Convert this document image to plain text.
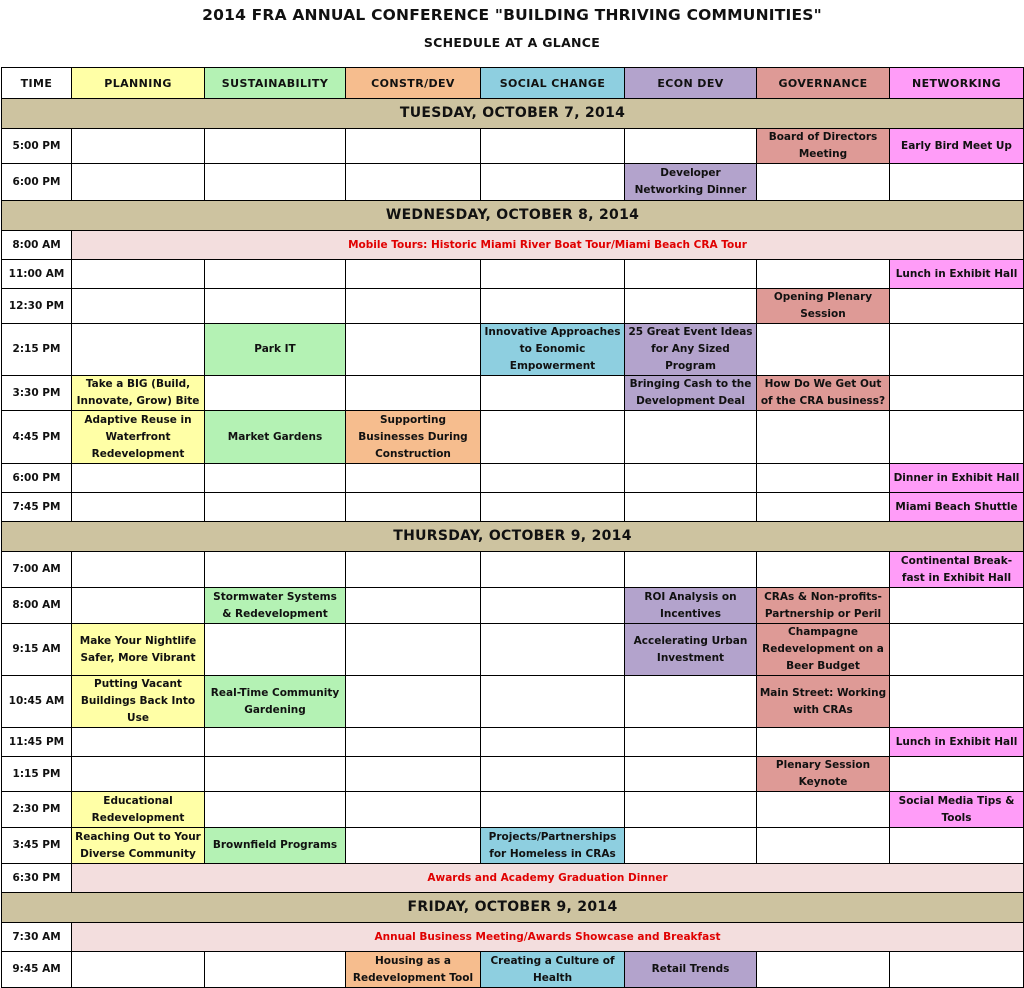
2014 FRA ANNUAL CONFERENCE "BUILDING THRIVING COMMUNITIES"
SCHEDULE AT A GLANCE
TIME	PLANNING	SUSTAINABILITY	CONSTR/DEV	SOCIAL CHANGE	ECON DEV	GOVERNANCE	NETWORKING
TUESDAY, OCTOBER 7, 2014							
5:00 PM						Board of Directors Meeting	Early Bird Meet Up
6:00 PM					Developer Networking Dinner		
WEDNESDAY, OCTOBER 8, 2014							
8:00 AM	Mobile Tours: Historic Miami River Boat Tour/Miami Beach CRA Tour						
11:00 AM							Lunch in Exhibit Hall
12:30 PM						Opening Plenary Session	
2:15 PM		Park IT		Innovative Approaches to Eonomic Empowerment	25 Great Event Ideas for Any Sized Program		
3:30 PM	Take a BIG (Build, Innovate, Grow) Bite				Bringing Cash to the Development Deal	How Do We Get Out of the CRA business?	
4:45 PM	Adaptive Reuse in Waterfront Redevelopment	Market Gardens	Supporting Businesses During Construction				
6:00 PM							Dinner in Exhibit Hall
7:45 PM							Miami Beach Shuttle
THURSDAY, OCTOBER 9, 2014							
7:00 AM							Continental Break-fast in Exhibit Hall
8:00 AM		Stormwater Systems & Redevelopment			ROI Analysis on Incentives	CRAs & Non-profits-Partnership or Peril	
9:15 AM	Make Your Nightlife Safer, More Vibrant				Accelerating Urban Investment	Champagne Redevelopment on a Beer Budget	
10:45 AM	Putting Vacant Buildings Back Into Use	Real-Time Community Gardening				Main Street: Working with CRAs	
11:45 PM							Lunch in Exhibit Hall
1:15 PM						Plenary Session Keynote	
2:30 PM	Educational Redevelopment						Social Media Tips & Tools
3:45 PM	Reaching Out to Your Diverse Community	Brownfield Programs		Projects/Partnerships for Homeless in CRAs			
6:30 PM	Awards and Academy Graduation Dinner						
FRIDAY, OCTOBER 9, 2014							
7:30 AM	Annual Business Meeting/Awards Showcase and Breakfast						
9:45 AM			Housing as a Redevelopment Tool	Creating a Culture of Health	Retail Trends		
